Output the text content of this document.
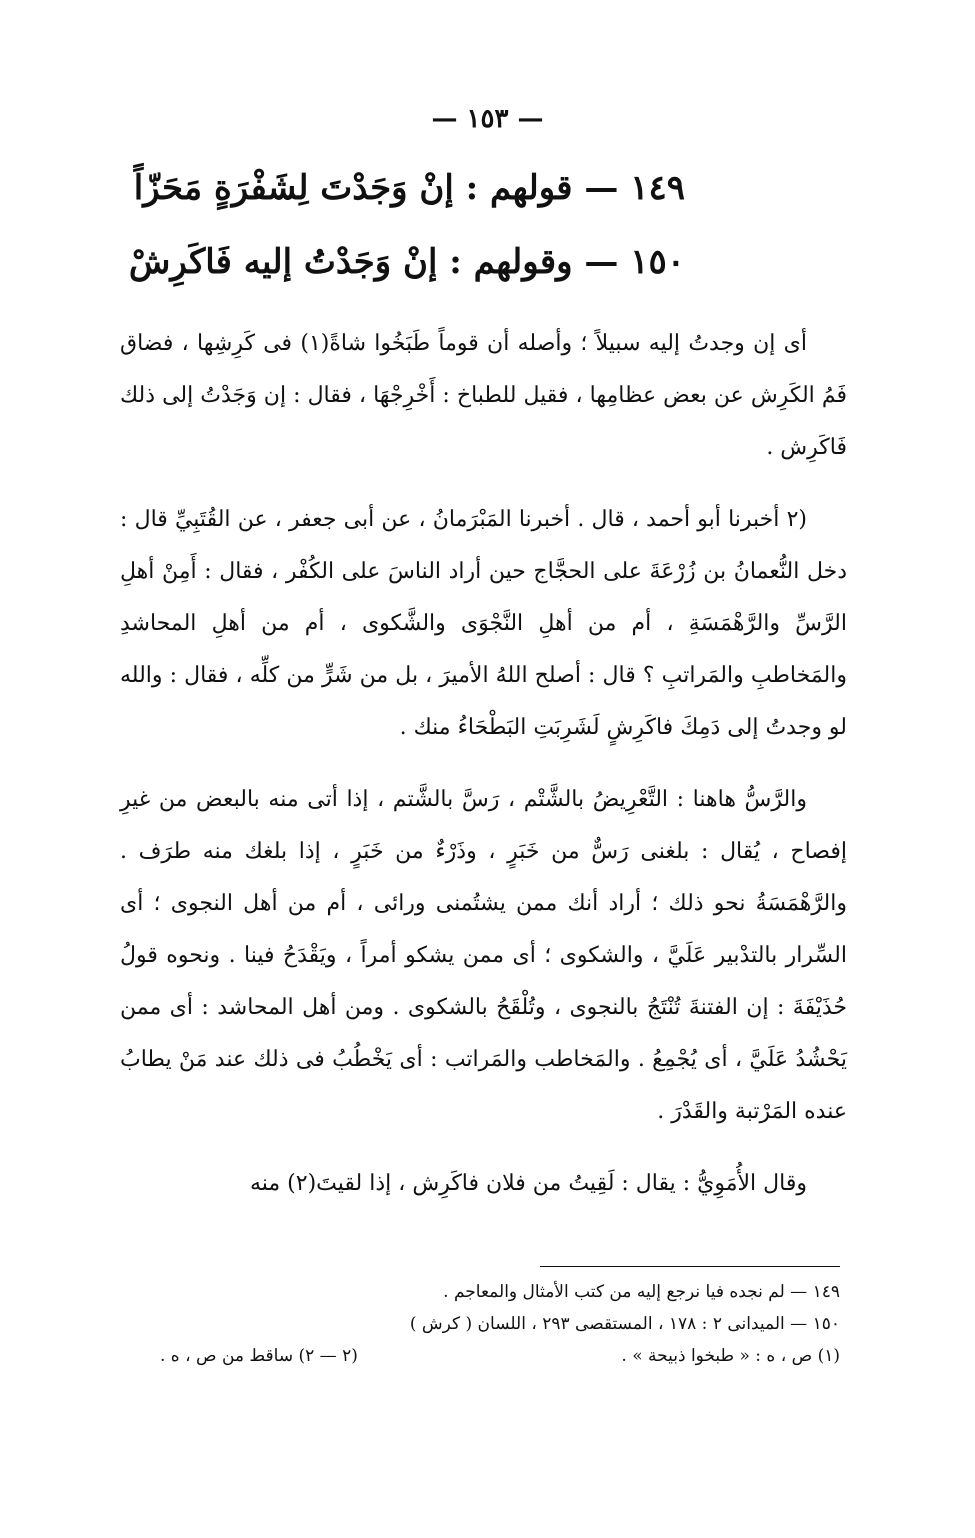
— ١٥٣ —
١٤٩ — قولهم : إنْ وَجَدْتَ لِشَفْرَةٍ مَحَزّاً
١٥٠ — وقولهم : إنْ وَجَدْتُ إليه فَاكَرِشْ

أى إن وجدتُ إليه سبيلاً ؛ وأصله أن قوماً طَبَخُوا شاةً(١) فى كَرِشِها ، فضاق فَمُ الكَرِش عن بعض عظامِها ، فقيل للطباخ : أَخْرِجْهَا ، فقال : إن وَجَدْتُ إلى ذلك فَاكَرِش .

(٢ أخبرنا أبو أحمد ، قال . أخبرنا المَبْرَمانُ ، عن أبى جعفر ، عن القُتَبِيِّ قال : دخل النُّعمانُ بن زُرْعَةَ على الحجَّاج حين أراد الناسَ على الكُفْر ، فقال : أَمِنْ أهلِ الرَّسِّ والرَّهْمَسَةِ ، أم من أهلِ النَّجْوَى والشَّكوى ، أم من أهلِ المحاشدِ والمَخاطبِ والمَراتبِ ؟ قال : أصلح اللهُ الأميرَ ، بل من شَرٍّ من كلِّه ، فقال : والله لو وجدتُ إلى دَمِكَ فاكَرِشٍ لَشَرِبَتِ البَطْحَاءُ منك .

والرَّسُّ هاهنا : التَّعْرِيضُ بالشَّتْم ، رَسَّ بالشَّتم ، إذا أتى منه بالبعض من غيرِ إفصاح ، يُقال : بلغنى رَسٌّ من خَبَرٍ ، وذَرْءٌ من خَبَرٍ ، إذا بلغك منه طرَف . والرَّهْمَسَةُ نحو ذلك ؛ أراد أنك ممن يشتُمنى ورائى ، أم من أهل النجوى ؛ أى السِّرار بالتدْبير عَلَيَّ ، والشكوى ؛ أى ممن يشكو أمراً ، ويَقْدَحُ فينا . ونحوه قولُ حُذَيْفَةَ : إن الفتنةَ تُنْتَجُ بالنجوى ، وتُلْقَحُ بالشكوى . ومن أهل المحاشد : أى ممن يَحْشُدُ عَلَيَّ ، أى يُجْمِعُ . والمَخاطب والمَراتب : أى يَخْطُبُ فى ذلك عند مَنْ يطابُ عنده المَرْتبة والقَدْرَ .

وقال الأُمَوِيُّ : يقال : لَقِيتُ من فلان فاكَرِش ، إذا لقيتَ(٢) منه

١٤٩ — لم نجده فيا نرجع إليه من كتب الأمثال والمعاجم .
١٥٠ — الميدانى ٢ : ١٧٨ ، المستقصى ٢٩٣ ، اللسان ( كرش )
(١) ص ، ه : « طبخوا ذبيحة » .
(٢ — ٢) ساقط من ص ، ه .
